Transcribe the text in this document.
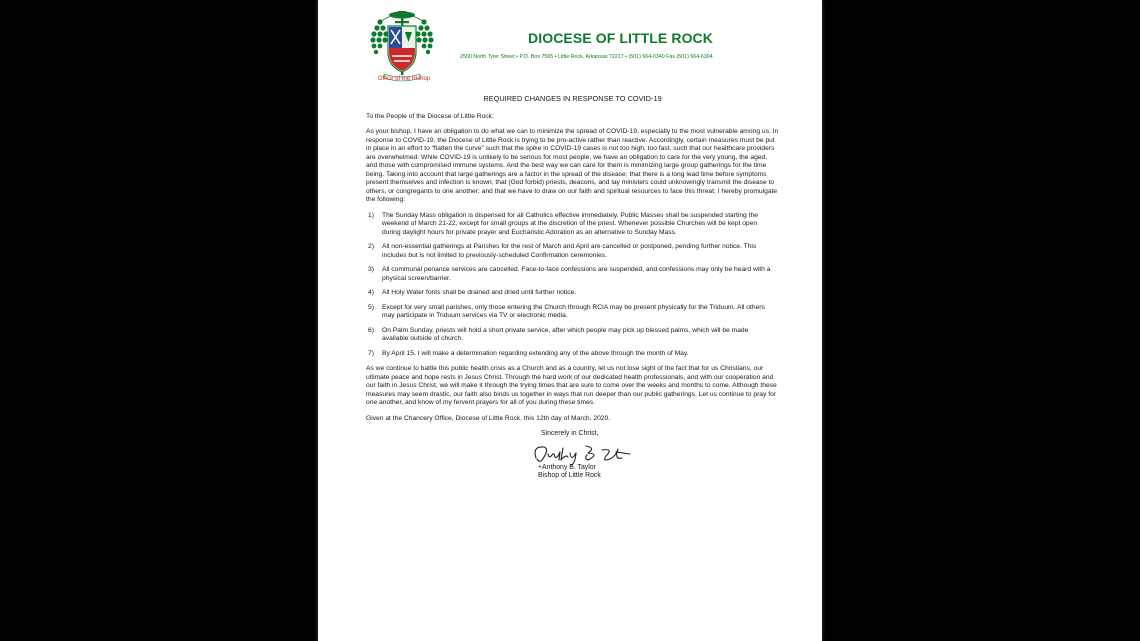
Office of the Bishop
DIOCESE OF LITTLE ROCK
2500 North Tyler Street • P.O. Box 7565 • Little Rock, Arkansas 72217 • (501) 664-0340 Fax (501) 664-6304

REQUIRED CHANGES IN RESPONSE TO COVID-19

To the People of the Diocese of Little Rock:

As your bishop, I have an obligation to do what we can to minimize the spread of COVID-19, especially to the most vulnerable among us. In response to COVID-19, the Diocese of Little Rock is trying to be pro-active rather than reactive. Accordingly, certain measures must be put in place in an effort to “flatten the curve” such that the spike in COVID-19 cases is not too high, too fast, such that our healthcare providers are overwhelmed. While COVID-19 is unlikely to be serious for most people, we have an obligation to care for the very young, the aged, and those with compromised immune systems. And the best way we can care for them is minimizing large group gatherings for the time being. Taking into account that large gatherings are a factor in the spread of the disease; that there is a long lead time before symptoms present themselves and infection is known; that (God forbid) priests, deacons, and lay ministers could unknowingly transmit the disease to others, or congregants to one another; and that we have to draw on our faith and spiritual resources to face this threat; I hereby promulgate the following:

1)	The Sunday Mass obligation is dispensed for all Catholics effective immediately. Public Masses shall be suspended starting the weekend of March 21-22, except for small groups at the discretion of the priest. Whenever possible Churches will be kept open during daylight hours for private prayer and Eucharistic Adoration as an alternative to Sunday Mass.
2)	All non-essential gatherings at Parishes for the rest of March and April are cancelled or postponed, pending further notice. This includes but is not limited to previously-scheduled Confirmation ceremonies.
3)	All communal penance services are cancelled. Face-to-face confessions are suspended, and confessions may only be heard with a physical screen/barrier.
4)	All Holy Water fonts shall be drained and dried until further notice.
5)	Except for very small parishes, only those entering the Church through RCIA may be present physically for the Triduum. All others may participate in Triduum services via TV or electronic media.
6)	On Palm Sunday, priests will hold a short private service, after which people may pick up blessed palms, which will be made available outside of church.
7)	By April 15, I will make a determination regarding extending any of the above through the month of May.

As we continue to battle this public health crisis as a Church and as a country, let us not lose sight of the fact that for us Christians, our ultimate peace and hope rests in Jesus Christ. Through the hard work of our dedicated health professionals, and with our cooperation and our faith in Jesus Christ, we will make it through the trying times that are sure to come over the weeks and months to come. Although these measures may seem drastic, our faith also binds us together in ways that run deeper than our public gatherings. Let us continue to pray for one another, and know of my fervent prayers for all of you during these times.

Given at the Chancery Office, Diocese of Little Rock, this 12th day of March, 2020.

Sincerely in Christ,
+Anthony B. Taylor
Bishop of Little Rock
